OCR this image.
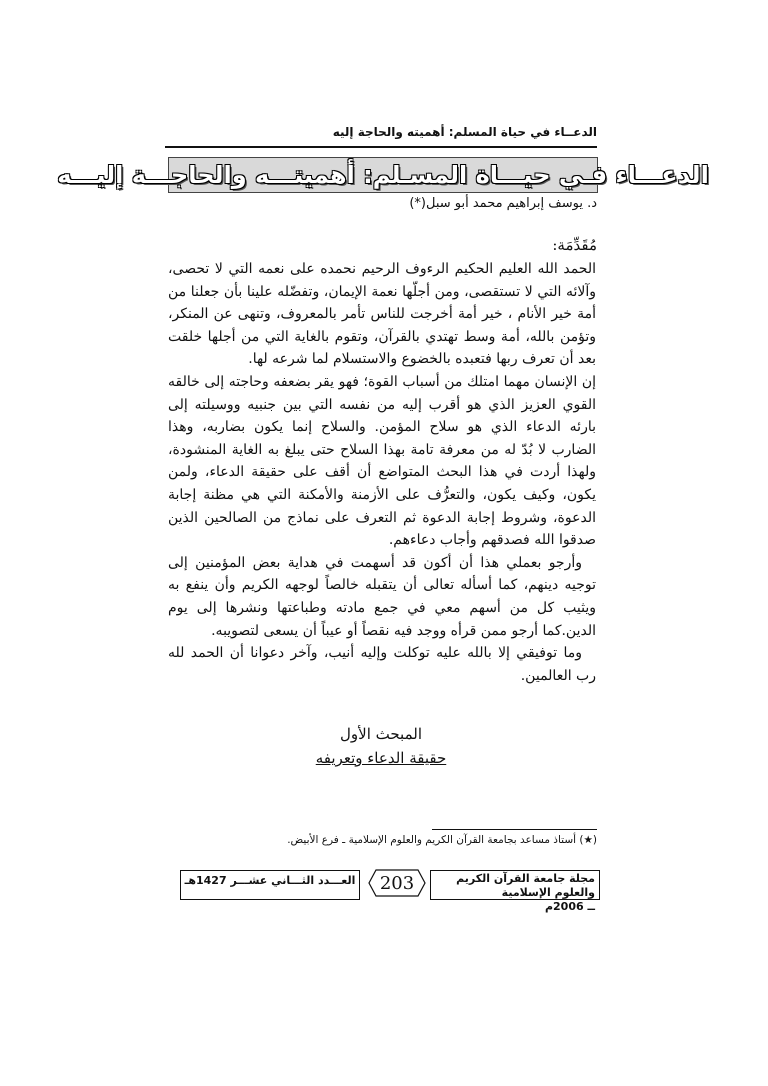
الدعــاء في حياة المسلم: أهميته والحاجة إليه
الدعـــاء فـي حيـــاة المسـلم: أهميتـــه والحاجـــة إليـــه
د. يوسف إبراهيم محمد أبو سبل(*)
مُقَدِّمَة:

الحمد الله العليم الحكيم الرءوف الرحيم نحمده على نعمه التي لا تحصى، وآلائه التي لا تستقصى، ومن أجلّها نعمة الإيمان، وتفضّله علينا بأن جعلنا من أمة خير الأنام ، خير أمة أخرجت للناس تأمر بالمعروف، وتنهى عن المنكر، وتؤمن بالله، أمة وسط تهتدي بالقرآن، وتقوم بالغاية التي من أجلها خلقت بعد أن تعرف ربها فتعبده بالخضوع والاستسلام لما شرعه لها.

إن الإنسان مهما امتلك من أسباب القوة؛ فهو يقر بضعفه وحاجته إلى خالقه القوي العزيز الذي هو أقرب إليه من نفسه التي بين جنبيه ووسيلته إلى بارئه الدعاء الذي هو سلاح المؤمن. والسلاح إنما يكون بضاربه، وهذا الضارب لا بُدّ له من معرفة تامة بهذا السلاح حتى يبلغ به الغاية المنشودة، ولهذا أردت في هذا البحث المتواضع أن أقف على حقيقة الدعاء، ولمن يكون، وكيف يكون، والتعرُّف على الأزمنة والأمكنة التي هي مظنة إجابة الدعوة، وشروط إجابة الدعوة ثم التعرف على نماذج من الصالحين الذين صدقوا الله فصدقهم وأجاب دعاءهم.

وأرجو بعملي هذا أن أكون قد أسهمت في هداية بعض المؤمنين إلى توجيه دينهم، كما أسأله تعالى أن يتقبله خالصاً لوجهه الكريم وأن ينفع به ويثيب كل من أسهم معي في جمع مادته وطباعتها ونشرها إلى يوم الدين.كما أرجو ممن قرأه ووجد فيه نقصاً أو عيباً أن يسعى لتصويبه.

وما توفيقي إلا بالله عليه توكلت وإليه أنيب، وآخر دعوانا أن الحمد لله رب العالمين.

المبحث الأول
حقيقة الدعاء وتعريفه
(★) أستاذ مساعد بجامعة القرآن الكريم والعلوم الإسلامية ـ فرع الأبيض.
العـــدد الثـــاني عشـــر 1427هـ 203	مجلة جامعة القرآن الكريم والعلوم الإسلامية
ــ 2006م
